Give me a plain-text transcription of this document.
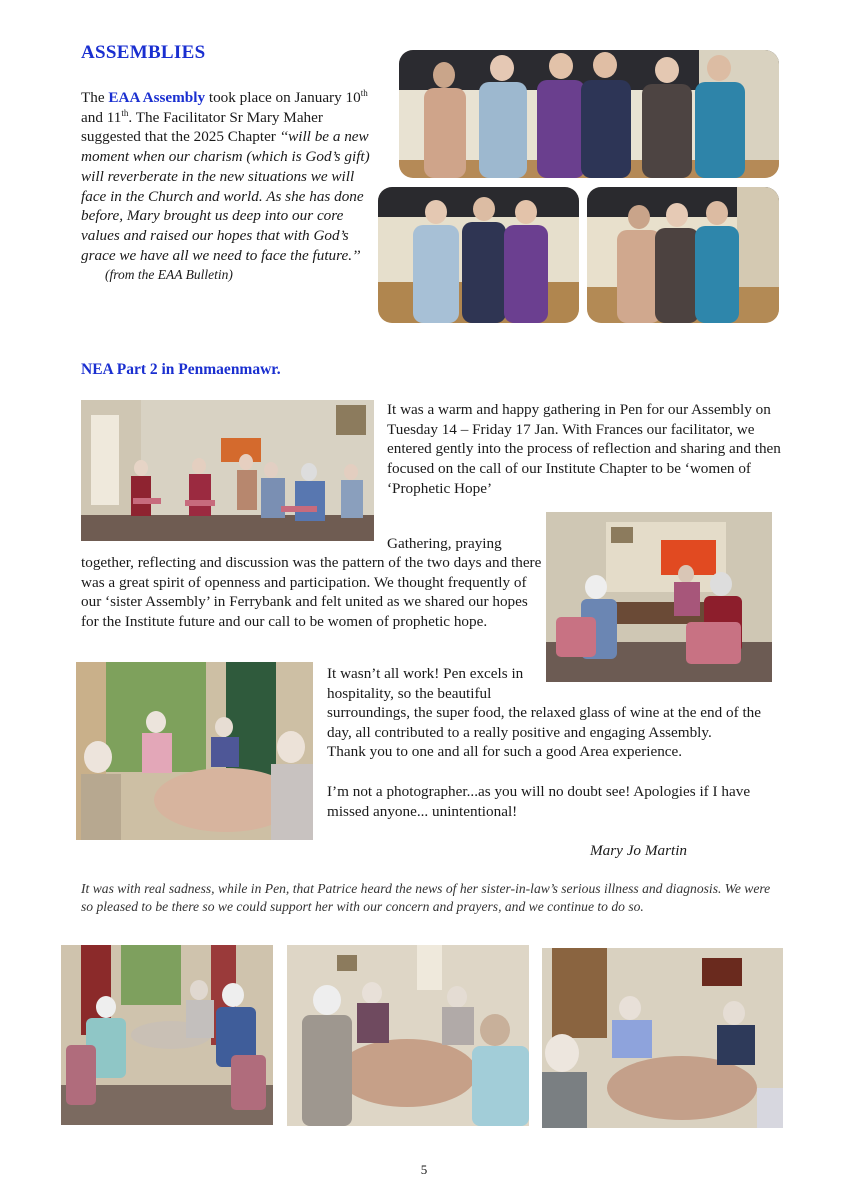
ASSEMBLIES
The EAA Assembly took place on January 10th and 11th. The Facilitator Sr Mary Maher suggested that the 2025 Chapter ‘‘will be a new moment when our charism (which is God’s gift) will reverberate in the new situations we will face in the Church and world. As she has done before, Mary brought us deep into our core values and raised our hopes that with God’s grace we have all we need to face the future.’’
(from the EAA Bulletin)
NEA Part 2 in Penmaenmawr.
It was a warm and happy gathering in Pen for our Assembly on Tuesday 14 – Friday 17 Jan. With Frances our facilitator, we entered gently into the process of reflection and sharing and then focused on the call of our Institute Chapter to be ‘women of ‘Prophetic Hope’
Gathering, praying
together, reflecting and discussion was the pattern of the two days and there was a great spirit of openness and participation. We thought frequently of our ‘sister Assembly’ in Ferrybank and felt united as we shared our hopes for the Institute future and our call to be women of prophetic hope.
It wasn’t all work! Pen excels in hospitality, so the beautiful

surroundings, the super food, the relaxed glass of wine at the end of the day, all contributed to a really positive and engaging Assembly.

Thank you to one and all for such a good Area experience.

I’m not a photographer...as you will no doubt see! Apologies if I have missed anyone... unintentional!

Mary Jo Martin
It was with real sadness, while in Pen, that Patrice heard the news of her sister-in-law’s serious illness and diagnosis. We were so pleased to be there so we could support her with our concern and prayers, and we continue to do so.
5
